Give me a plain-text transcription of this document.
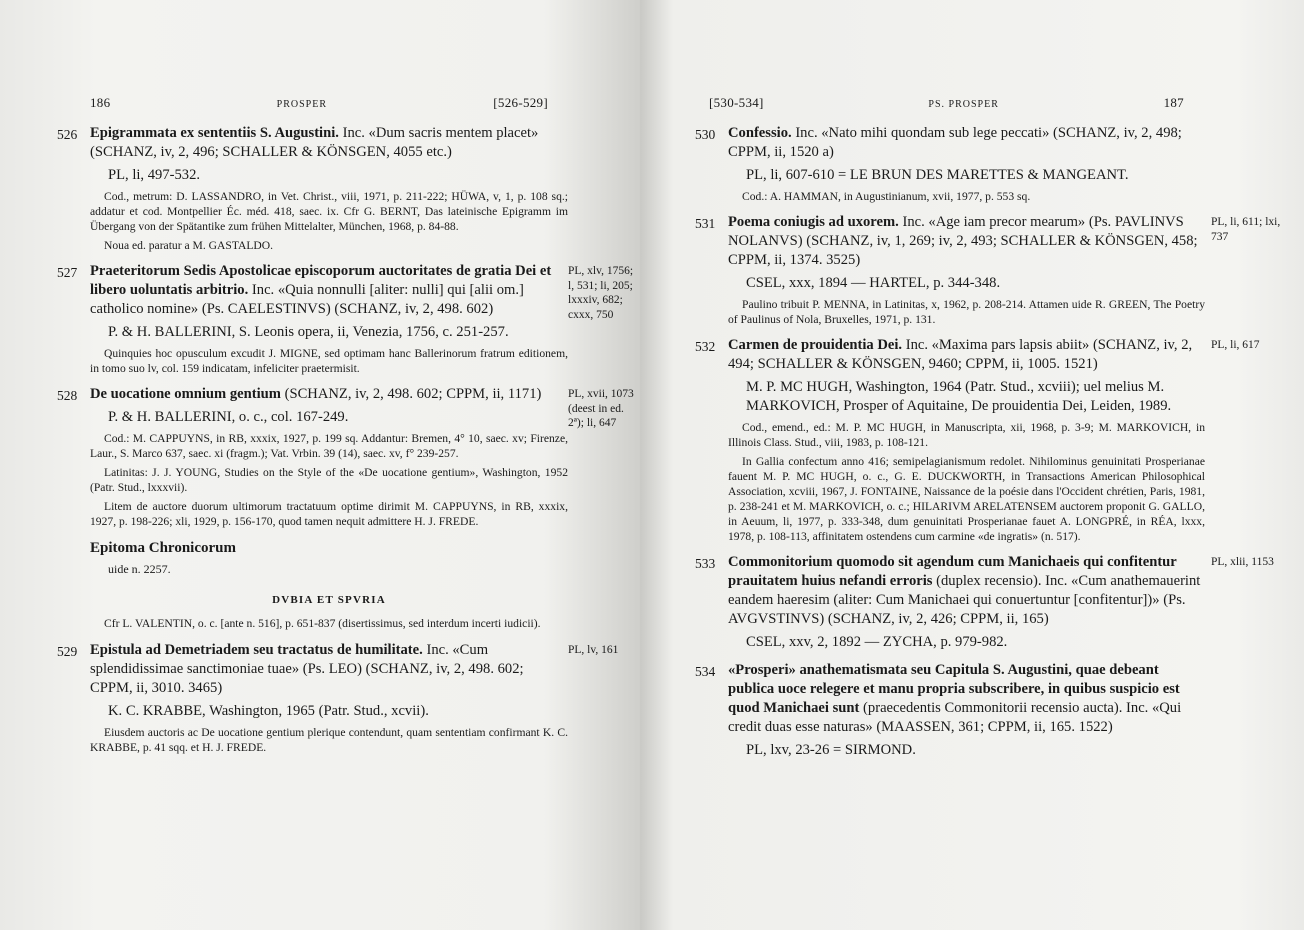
186	PROSPER	[526-529]
526 Epigrammata ex sententiis S. Augustini. Inc. «Dum sacris mentem placet» (SCHANZ, iv, 2, 496; SCHALLER & KÖNSGEN, 4055 etc.)

PL, li, 497-532.

Cod., metrum: D. LASSANDRO, in Vet. Christ., viii, 1971, p. 211-222; HÜWA, v, 1, p. 108 sq.; addatur et cod. Montpellier Éc. méd. 418, saec. ix. Cfr G. BERNT, Das lateinische Epigramm im Übergang von der Spätantike zum frühen Mittelalter, München, 1968, p. 84-88.

Noua ed. paratur a M. GASTALDO.

527 Praeteritorum Sedis Apostolicae episcoporum auctoritates de gratia Dei et libero uoluntatis arbitrio. Inc. «Quia nonnulli [aliter: nulli] qui [alii om.] catholico nomine» (Ps. CAELESTINVS) (SCHANZ, iv, 2, 498. 602)

P. & H. BALLERINI, S. Leonis opera, ii, Venezia, 1756, c. 251-257.

Quinquies hoc opusculum excudit J. MIGNE, sed optimam hanc Ballerinorum fratrum editionem, in tomo suo lv, col. 159 indicatam, infeliciter praetermisit.

PL, xlv, 1756; l, 531; li, 205; lxxxiv, 682; cxxx, 750
528 De uocatione omnium gentium (SCHANZ, iv, 2, 498. 602; CPPM, ii, 1171)

P. & H. BALLERINI, o. c., col. 167-249.

Cod.: M. CAPPUYNS, in RB, xxxix, 1927, p. 199 sq. Addantur: Bremen, 4° 10, saec. xv; Firenze, Laur., S. Marco 637, saec. xi (fragm.); Vat. Vrbin. 39 (14), saec. xv, f° 239-257.

Latinitas: J. J. YOUNG, Studies on the Style of the «De uocatione gentium», Washington, 1952 (Patr. Stud., lxxxvii).

Litem de auctore duorum ultimorum tractatuum optime dirimit M. CAPPUYNS, in RB, xxxix, 1927, p. 198-226; xli, 1929, p. 156-170, quod tamen nequit admittere H. J. FREDE.

PL, xvii, 1073 (deest in ed. 2ª); li, 647

Epitoma Chronicorum

uide n. 2257.

DVBIA ET SPVRIA

Cfr L. VALENTIN, o. c. [ante n. 516], p. 651-837 (disertissimus, sed interdum incerti iudicii).

529 Epistula ad Demetriadem seu tractatus de humilitate. Inc. «Cum splendidissimae sanctimoniae tuae» (Ps. LEO) (SCHANZ, iv, 2, 498. 602; CPPM, ii, 3010. 3465)

K. C. KRABBE, Washington, 1965 (Patr. Stud., xcvii).

Eiusdem auctoris ac De uocatione gentium plerique contendunt, quam sententiam confirmant K. C. KRABBE, p. 41 sqq. et H. J. FREDE.

PL, lv, 161
[530-534]	PS. PROSPER	187
530 Confessio. Inc. «Nato mihi quondam sub lege peccati» (SCHANZ, iv, 2, 498; CPPM, ii, 1520 a)

PL, li, 607-610 = LE BRUN DES MARETTES & MANGEANT.

Cod.: A. HAMMAN, in Augustinianum, xvii, 1977, p. 553 sq.

531 Poema coniugis ad uxorem. Inc. «Age iam precor mearum» (Ps. PAVLINVS NOLANVS) (SCHANZ, iv, 1, 269; iv, 2, 493; SCHALLER & KÖNSGEN, 458; CPPM, ii, 1374. 3525)

CSEL, xxx, 1894 — HARTEL, p. 344-348.

Paulino tribuit P. MENNA, in Latinitas, x, 1962, p. 208-214. Attamen uide R. GREEN, The Poetry of Paulinus of Nola, Bruxelles, 1971, p. 131.

PL, li, 611; lxi, 737
532 Carmen de prouidentia Dei. Inc. «Maxima pars lapsis abiit» (SCHANZ, iv, 2, 494; SCHALLER & KÖNSGEN, 9460; CPPM, ii, 1005. 1521)

M. P. MC HUGH, Washington, 1964 (Patr. Stud., xcviii); uel melius M. MARKOVICH, Prosper of Aquitaine, De prouidentia Dei, Leiden, 1989.

Cod., emend., ed.: M. P. MC HUGH, in Manuscripta, xii, 1968, p. 3-9; M. MARKOVICH, in Illinois Class. Stud., viii, 1983, p. 108-121.

In Gallia confectum anno 416; semipelagianismum redolet. Nihilominus genuinitati Prosperianae fauent M. P. MC HUGH, o. c., G. E. DUCKWORTH, in Transactions American Philosophical Association, xcviii, 1967, J. FONTAINE, Naissance de la poésie dans l'Occident chrétien, Paris, 1981, p. 238-241 et M. MARKOVICH, o. c.; HILARIVM ARELATENSEM auctorem proponit G. GALLO, in Aeuum, li, 1977, p. 333-348, dum genuinitati Prosperianae fauet A. LONGPRÉ, in RÉA, lxxx, 1978, p. 108-113, affinitatem ostendens cum carmine «de ingratis» (n. 517).

PL, li, 617
533 Commonitorium quomodo sit agendum cum Manichaeis qui confitentur prauitatem huius nefandi erroris (duplex recensio). Inc. «Cum anathemauerint eandem haeresim (aliter: Cum Manichaei qui conuertuntur [confitentur])» (Ps. AVGVSTINVS) (SCHANZ, iv, 2, 426; CPPM, ii, 165)

CSEL, xxv, 2, 1892 — ZYCHA, p. 979-982.

PL, xlii, 1153
534 «Prosperi» anathematismata seu Capitula S. Augustini, quae debeant publica uoce relegere et manu propria subscribere, in quibus suspicio est quod Manichaei sunt (praecedentis Commonitorii recensio aucta). Inc. «Qui credit duas esse naturas» (MAASSEN, 361; CPPM, ii, 165. 1522)

PL, lxv, 23-26 = SIRMOND.
